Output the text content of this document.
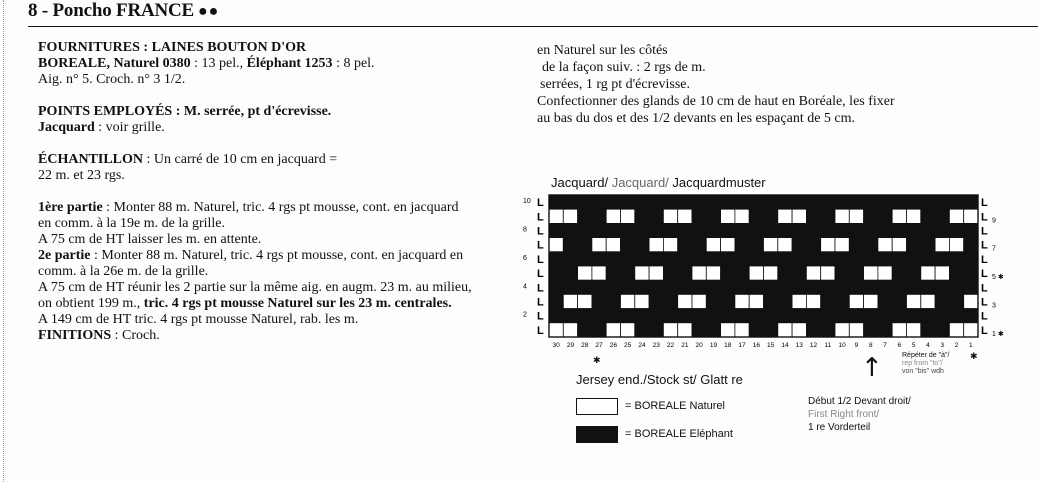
8 - Poncho FRANCE ●●

FOURNITURES : LAINES BOUTON D'OR

BOREALE, Naturel 0380 : 13 pel., Éléphant 1253 : 8 pel.

Aig. n° 5. Croch. n° 3 1/2.

POINTS EMPLOYÉS : M. serrée, pt d'écrevisse.

Jacquard : voir grille.

ÉCHANTILLON : Un carré de 10 cm en jacquard =

22 m. et 23 rgs.

1ère partie : Monter 88 m. Naturel, tric. 4 rgs pt mousse, cont. en jacquard

en comm. à la 19e m. de la grille.

A 75 cm de HT laisser les m. en attente.

2e partie : Monter 88 m. Naturel, tric. 4 rgs pt mousse, cont. en jacquard en

comm. à la 26e m. de la grille.

A 75 cm de HT réunir les 2 partie sur la même aig. en augm. 23 m. au milieu,

on obtient 199 m., tric. 4 rgs pt mousse Naturel sur les 23 m. centrales.

A 149 cm de HT tric. 4 rgs pt mousse Naturel, rab. les m.

FINITIONS : Croch.

en Naturel sur les côtés

de la façon suiv. : 2 rgs de m.

serrées, 1 rg pt d'écrevisse.

Confectionner des glands de 10 cm de haut en Boréale, les fixer

au bas du dos et des 1/2 devants en les espaçant de 5 cm.

Jacquard/ Jacquard/ Jacquardmuster
L
10	L
L	L 9
L
8	L
L	L 7
L
6	L
L	L 5 ✱
L
4	L
L	L 3
L
2	L
L	L 1 ✱
30 29 28 27 26 25 24 23 22 21 20 19 18 17 16 15 14 13 12 11 10 9 8 7 6 5 4 3 2 1
✱	Répéter de "à"/
rep from "to"/
von "bis" wdh
✱
Jersey end./Stock st/ Glatt re
= BOREALE Naturel
= BOREALE Eléphant
↑
Début 1/2 Devant droit/
First Right front/
1 re Vorderteil
